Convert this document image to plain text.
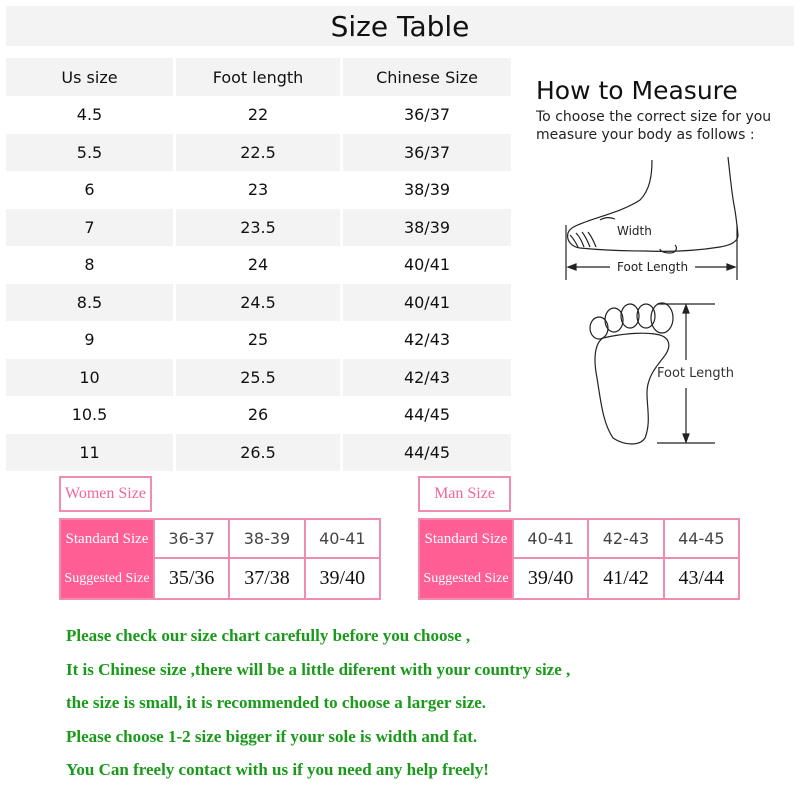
Size Table
Us size	Foot length	Chinese Size
4.5	22	36/37
5.5	22.5	36/37
6	23	38/39
7	23.5	38/39
8	24	40/41
8.5	24.5	40/41
9	25	42/43
10	25.5	42/43
10.5	26	44/45
11	26.5	44/45
How to Measure

To choose the correct size for you
measure your body as follows :

Width
Foot Length
Foot Length
Women Size
Standard Size	36-37	38-39	40-41
Suggested Size 35/36	37/38	39/40
Man Size
Standard Size	40-41	42-43	44-45
Suggested Size 39/40	41/42	43/44
Please check our size chart carefully before you choose ,
It is Chinese size ,there will be a little diferent with your country size ,
the size is small, it is recommended to choose a larger size.
Please choose 1-2 size bigger if your sole is width and fat.
You Can freely contact with us if you need any help freely!
